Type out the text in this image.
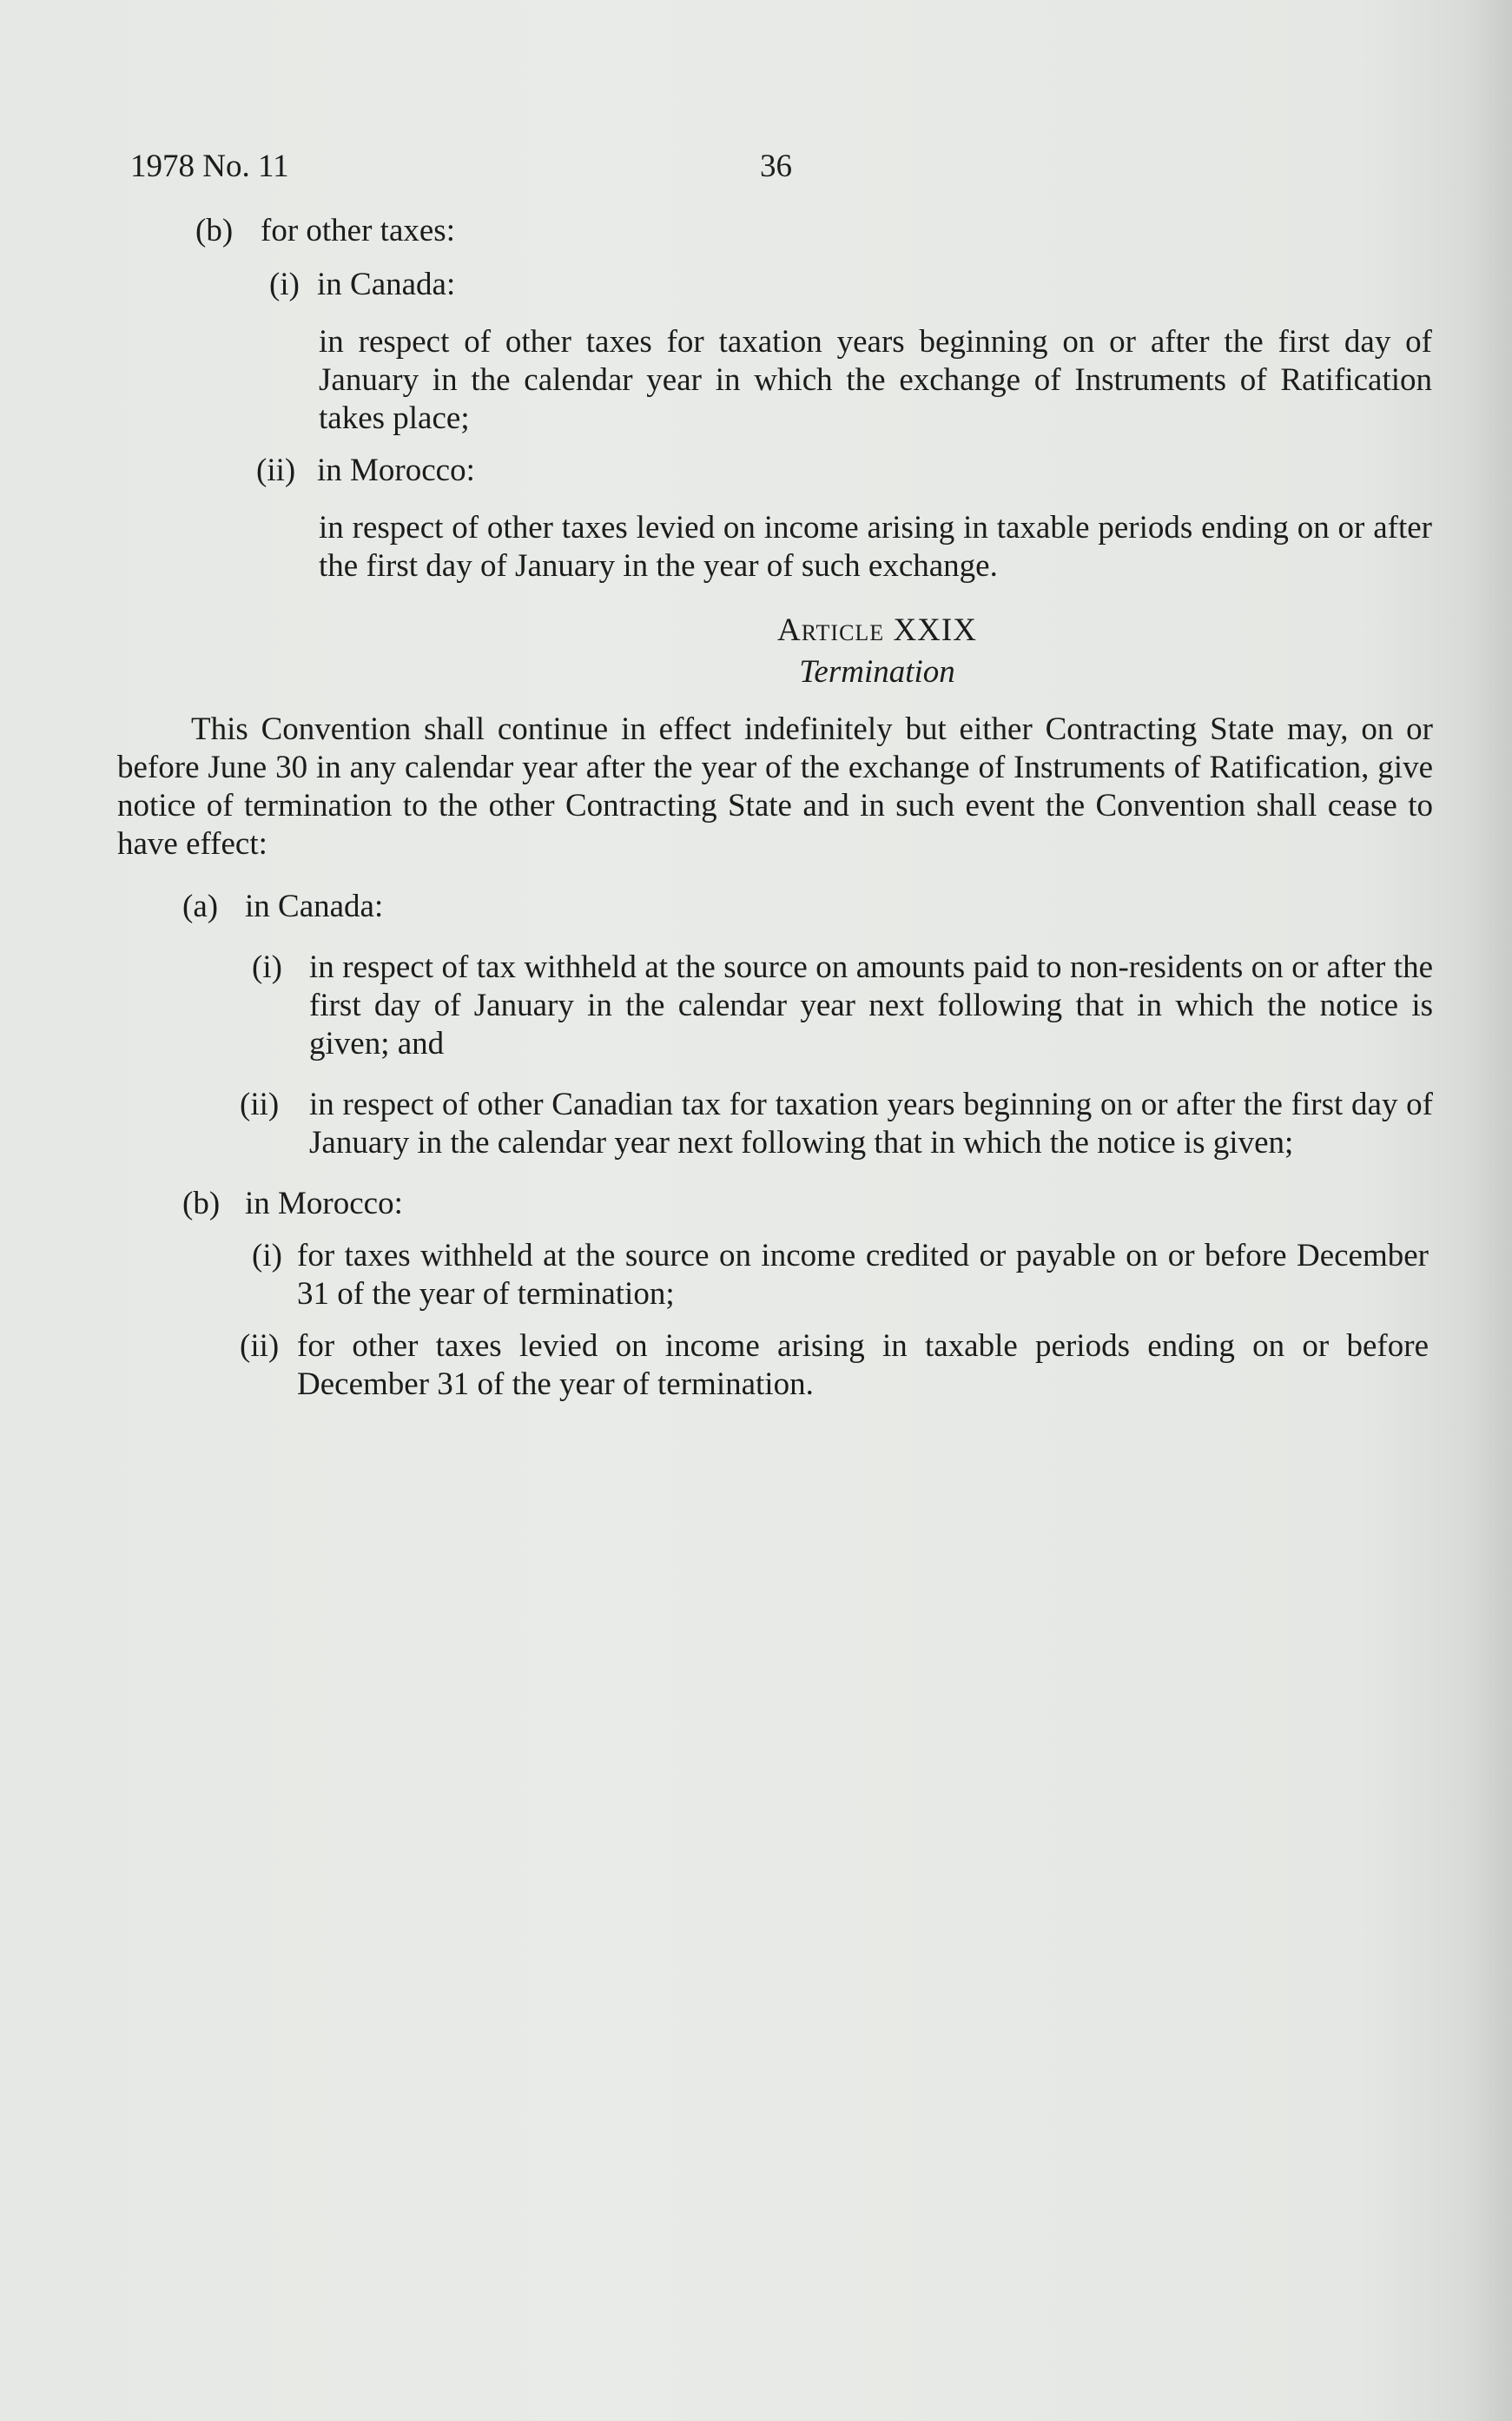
1978 No. 11	36
(b) for other taxes:
(i) in Canada:
in respect of other taxes for taxation years beginning on or after the first day of January in the calendar year in which the exchange of Instruments of Ratification takes place;
(ii) in Morocco:
in respect of other taxes levied on income arising in taxable periods ending on or after the first day of January in the year of such exchange.
Article XXIX
Termination
This Convention shall continue in effect indefinitely but either Contracting State may, on or before June 30 in any calendar year after the year of the exchange of Instruments of Ratification, give notice of termination to the other Contracting State and in such event the Convention shall cease to have effect:
(a) in Canada:
(i) in respect of tax withheld at the source on amounts paid to non-residents on or after the first day of January in the calendar year next following that in which the notice is given; and
(ii) in respect of other Canadian tax for taxation years beginning on or after the first day of January in the calendar year next following that in which the notice is given;
(b) in Morocco:
(i) for taxes withheld at the source on income credited or payable on or before December 31 of the year of termination;
(ii) for other taxes levied on income arising in taxable periods ending on or before December 31 of the year of termination.
